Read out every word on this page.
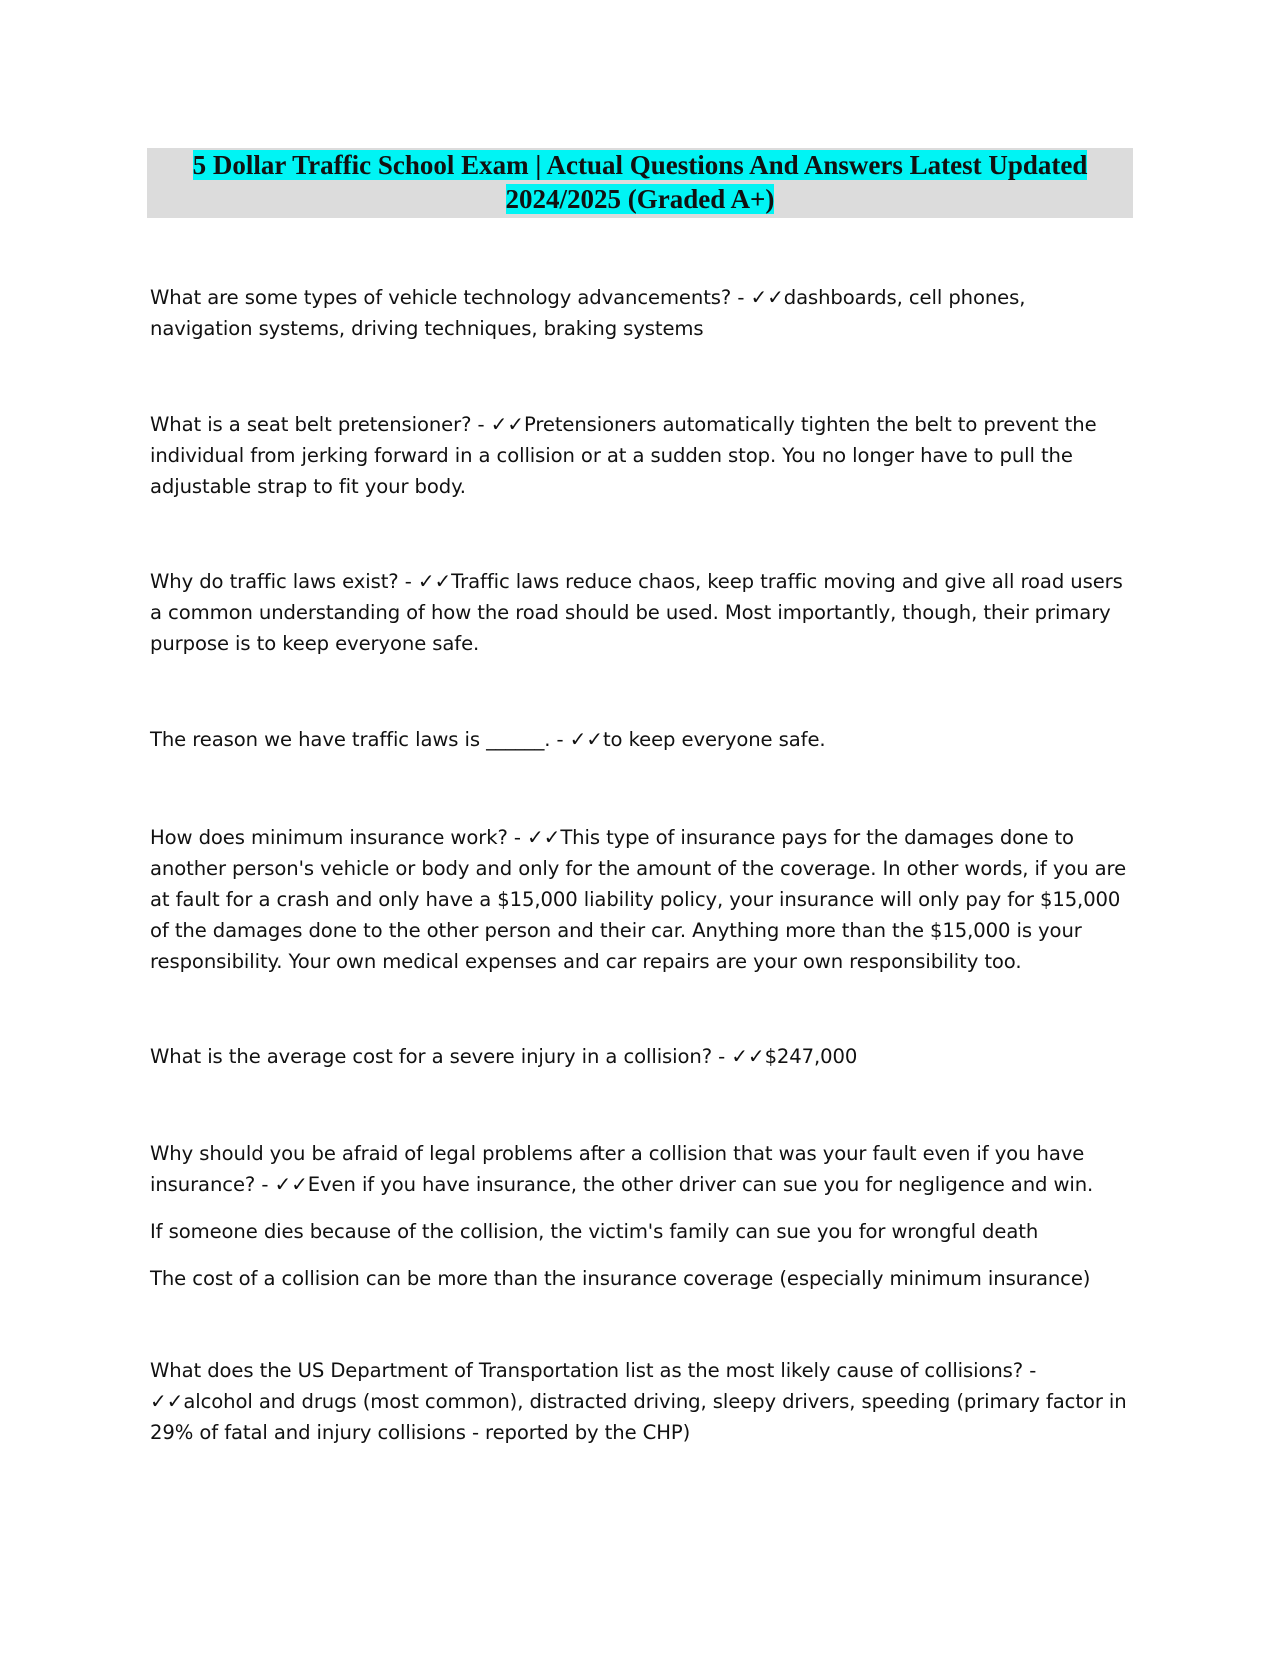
5 Dollar Traffic School Exam | Actual Questions And Answers Latest Updated
2024/2025 (Graded A+)

What are some types of vehicle technology advancements? - ✓✓dashboards, cell phones, navigation systems, driving techniques, braking systems

What is a seat belt pretensioner? - ✓✓Pretensioners automatically tighten the belt to prevent the individual from jerking forward in a collision or at a sudden stop. You no longer have to pull the adjustable strap to fit your body.

Why do traffic laws exist? - ✓✓Traffic laws reduce chaos, keep traffic moving and give all road users a common understanding of how the road should be used. Most importantly, though, their primary purpose is to keep everyone safe.

The reason we have traffic laws is ______. - ✓✓to keep everyone safe.

How does minimum insurance work? - ✓✓This type of insurance pays for the damages done to another person's vehicle or body and only for the amount of the coverage. In other words, if you are at fault for a crash and only have a $15,000 liability policy, your insurance will only pay for $15,000 of the damages done to the other person and their car. Anything more than the $15,000 is your responsibility. Your own medical expenses and car repairs are your own responsibility too.

What is the average cost for a severe injury in a collision? - ✓✓$247,000

Why should you be afraid of legal problems after a collision that was your fault even if you have insurance? - ✓✓Even if you have insurance, the other driver can sue you for negligence and win.

If someone dies because of the collision, the victim's family can sue you for wrongful death

The cost of a collision can be more than the insurance coverage (especially minimum insurance)

What does the US Department of Transportation list as the most likely cause of collisions? - ✓✓alcohol and drugs (most common), distracted driving, sleepy drivers, speeding (primary factor in 29% of fatal and injury collisions - reported by the CHP)
